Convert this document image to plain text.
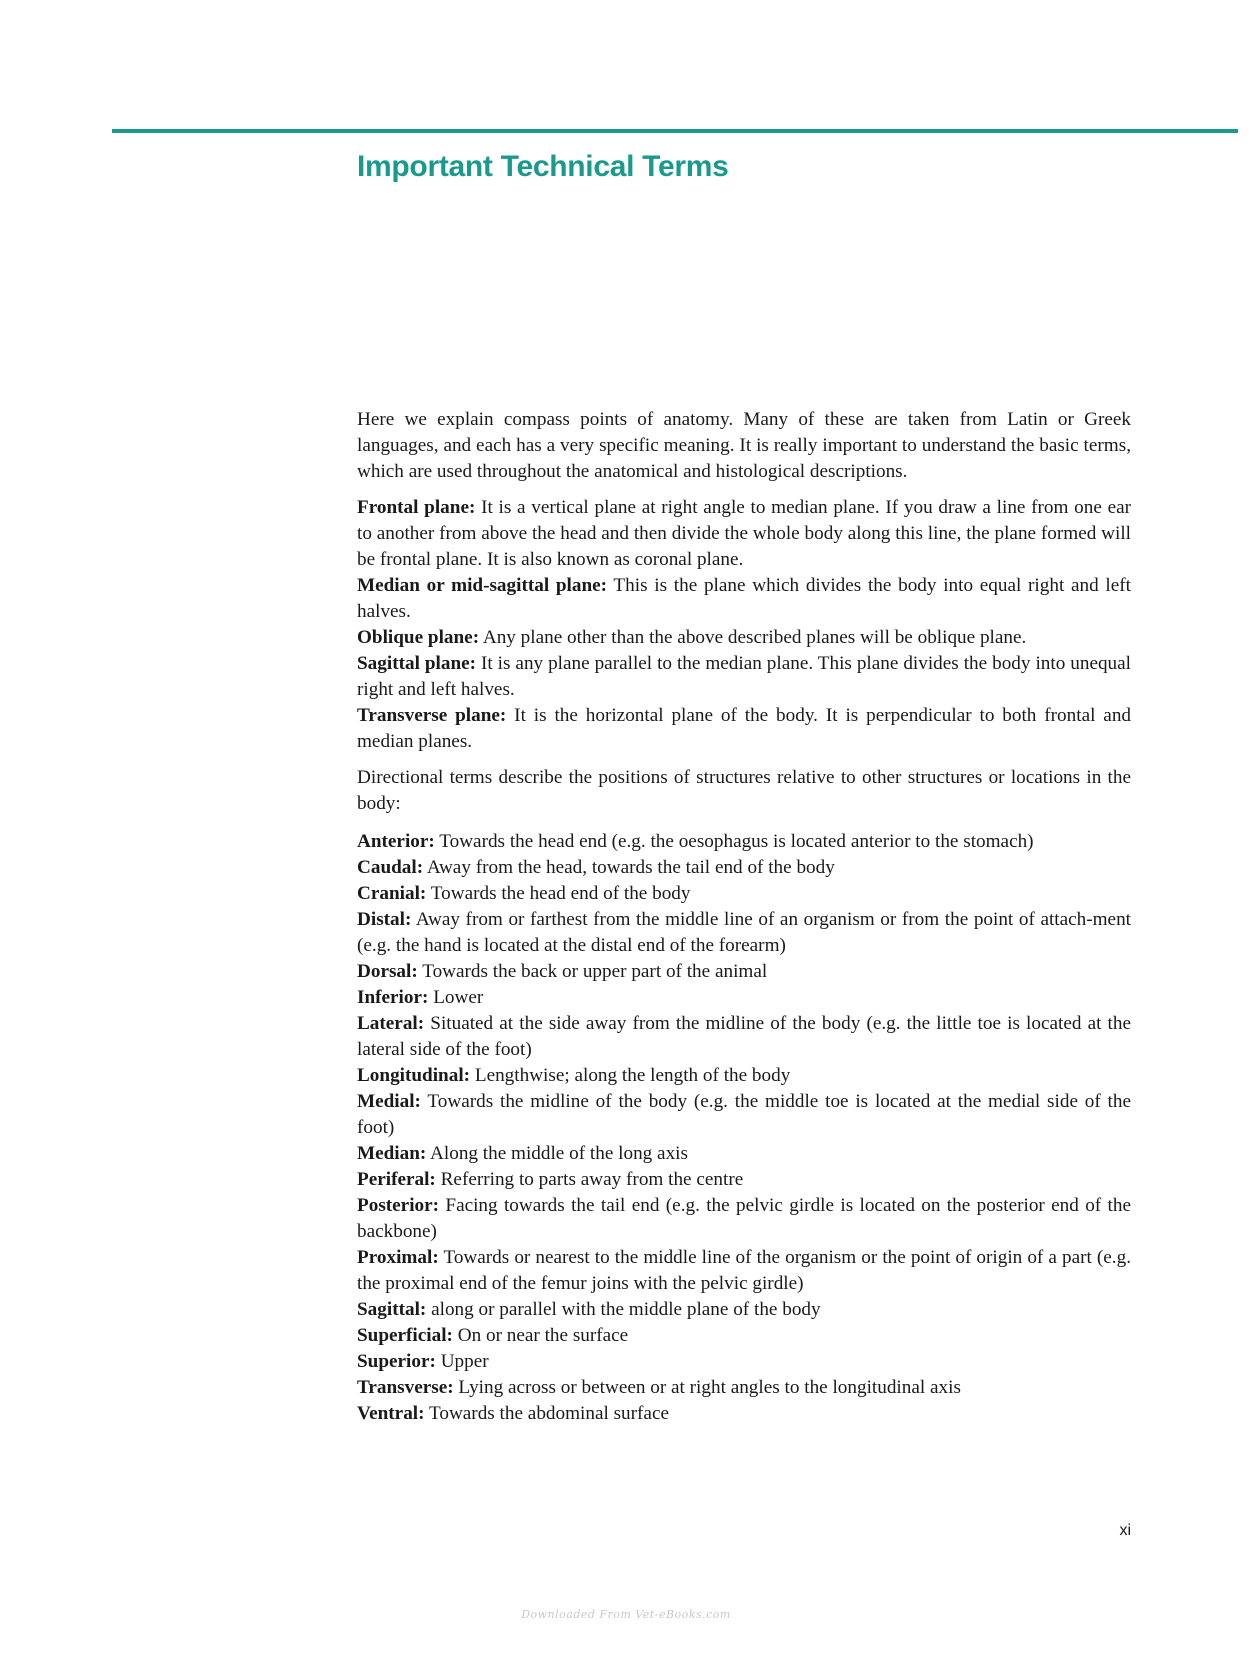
Important Technical Terms

Here we explain compass points of anatomy. Many of these are taken from Latin or Greek languages, and each has a very specific meaning. It is really important to understand the basic terms, which are used throughout the anatomical and histological descriptions.

Frontal plane: It is a vertical plane at right angle to median plane. If you draw a line from one ear to another from above the head and then divide the whole body along this line, the plane formed will be frontal plane. It is also known as coronal plane.

Median or mid-sagittal plane: This is the plane which divides the body into equal right and left halves.

Oblique plane: Any plane other than the above described planes will be oblique plane.

Sagittal plane: It is any plane parallel to the median plane. This plane divides the body into unequal right and left halves.

Transverse plane: It is the horizontal plane of the body. It is perpendicular to both frontal and median planes.

Directional terms describe the positions of structures relative to other structures or locations in the body:

Anterior: Towards the head end (e.g. the oesophagus is located anterior to the stomach)

Caudal: Away from the head, towards the tail end of the body

Cranial: Towards the head end of the body

Distal: Away from or farthest from the middle line of an organism or from the point of attach-ment (e.g. the hand is located at the distal end of the forearm)

Dorsal: Towards the back or upper part of the animal

Inferior: Lower

Lateral: Situated at the side away from the midline of the body (e.g. the little toe is located at the lateral side of the foot)

Longitudinal: Lengthwise; along the length of the body

Medial: Towards the midline of the body (e.g. the middle toe is located at the medial side of the foot)

Median: Along the middle of the long axis

Periferal: Referring to parts away from the centre

Posterior: Facing towards the tail end (e.g. the pelvic girdle is located on the posterior end of the backbone)

Proximal: Towards or nearest to the middle line of the organism or the point of origin of a part (e.g. the proximal end of the femur joins with the pelvic girdle)

Sagittal: along or parallel with the middle plane of the body

Superficial: On or near the surface

Superior: Upper

Transverse: Lying across or between or at right angles to the longitudinal axis

Ventral: Towards the abdominal surface

xi
Downloaded From Vet-eBooks.com
